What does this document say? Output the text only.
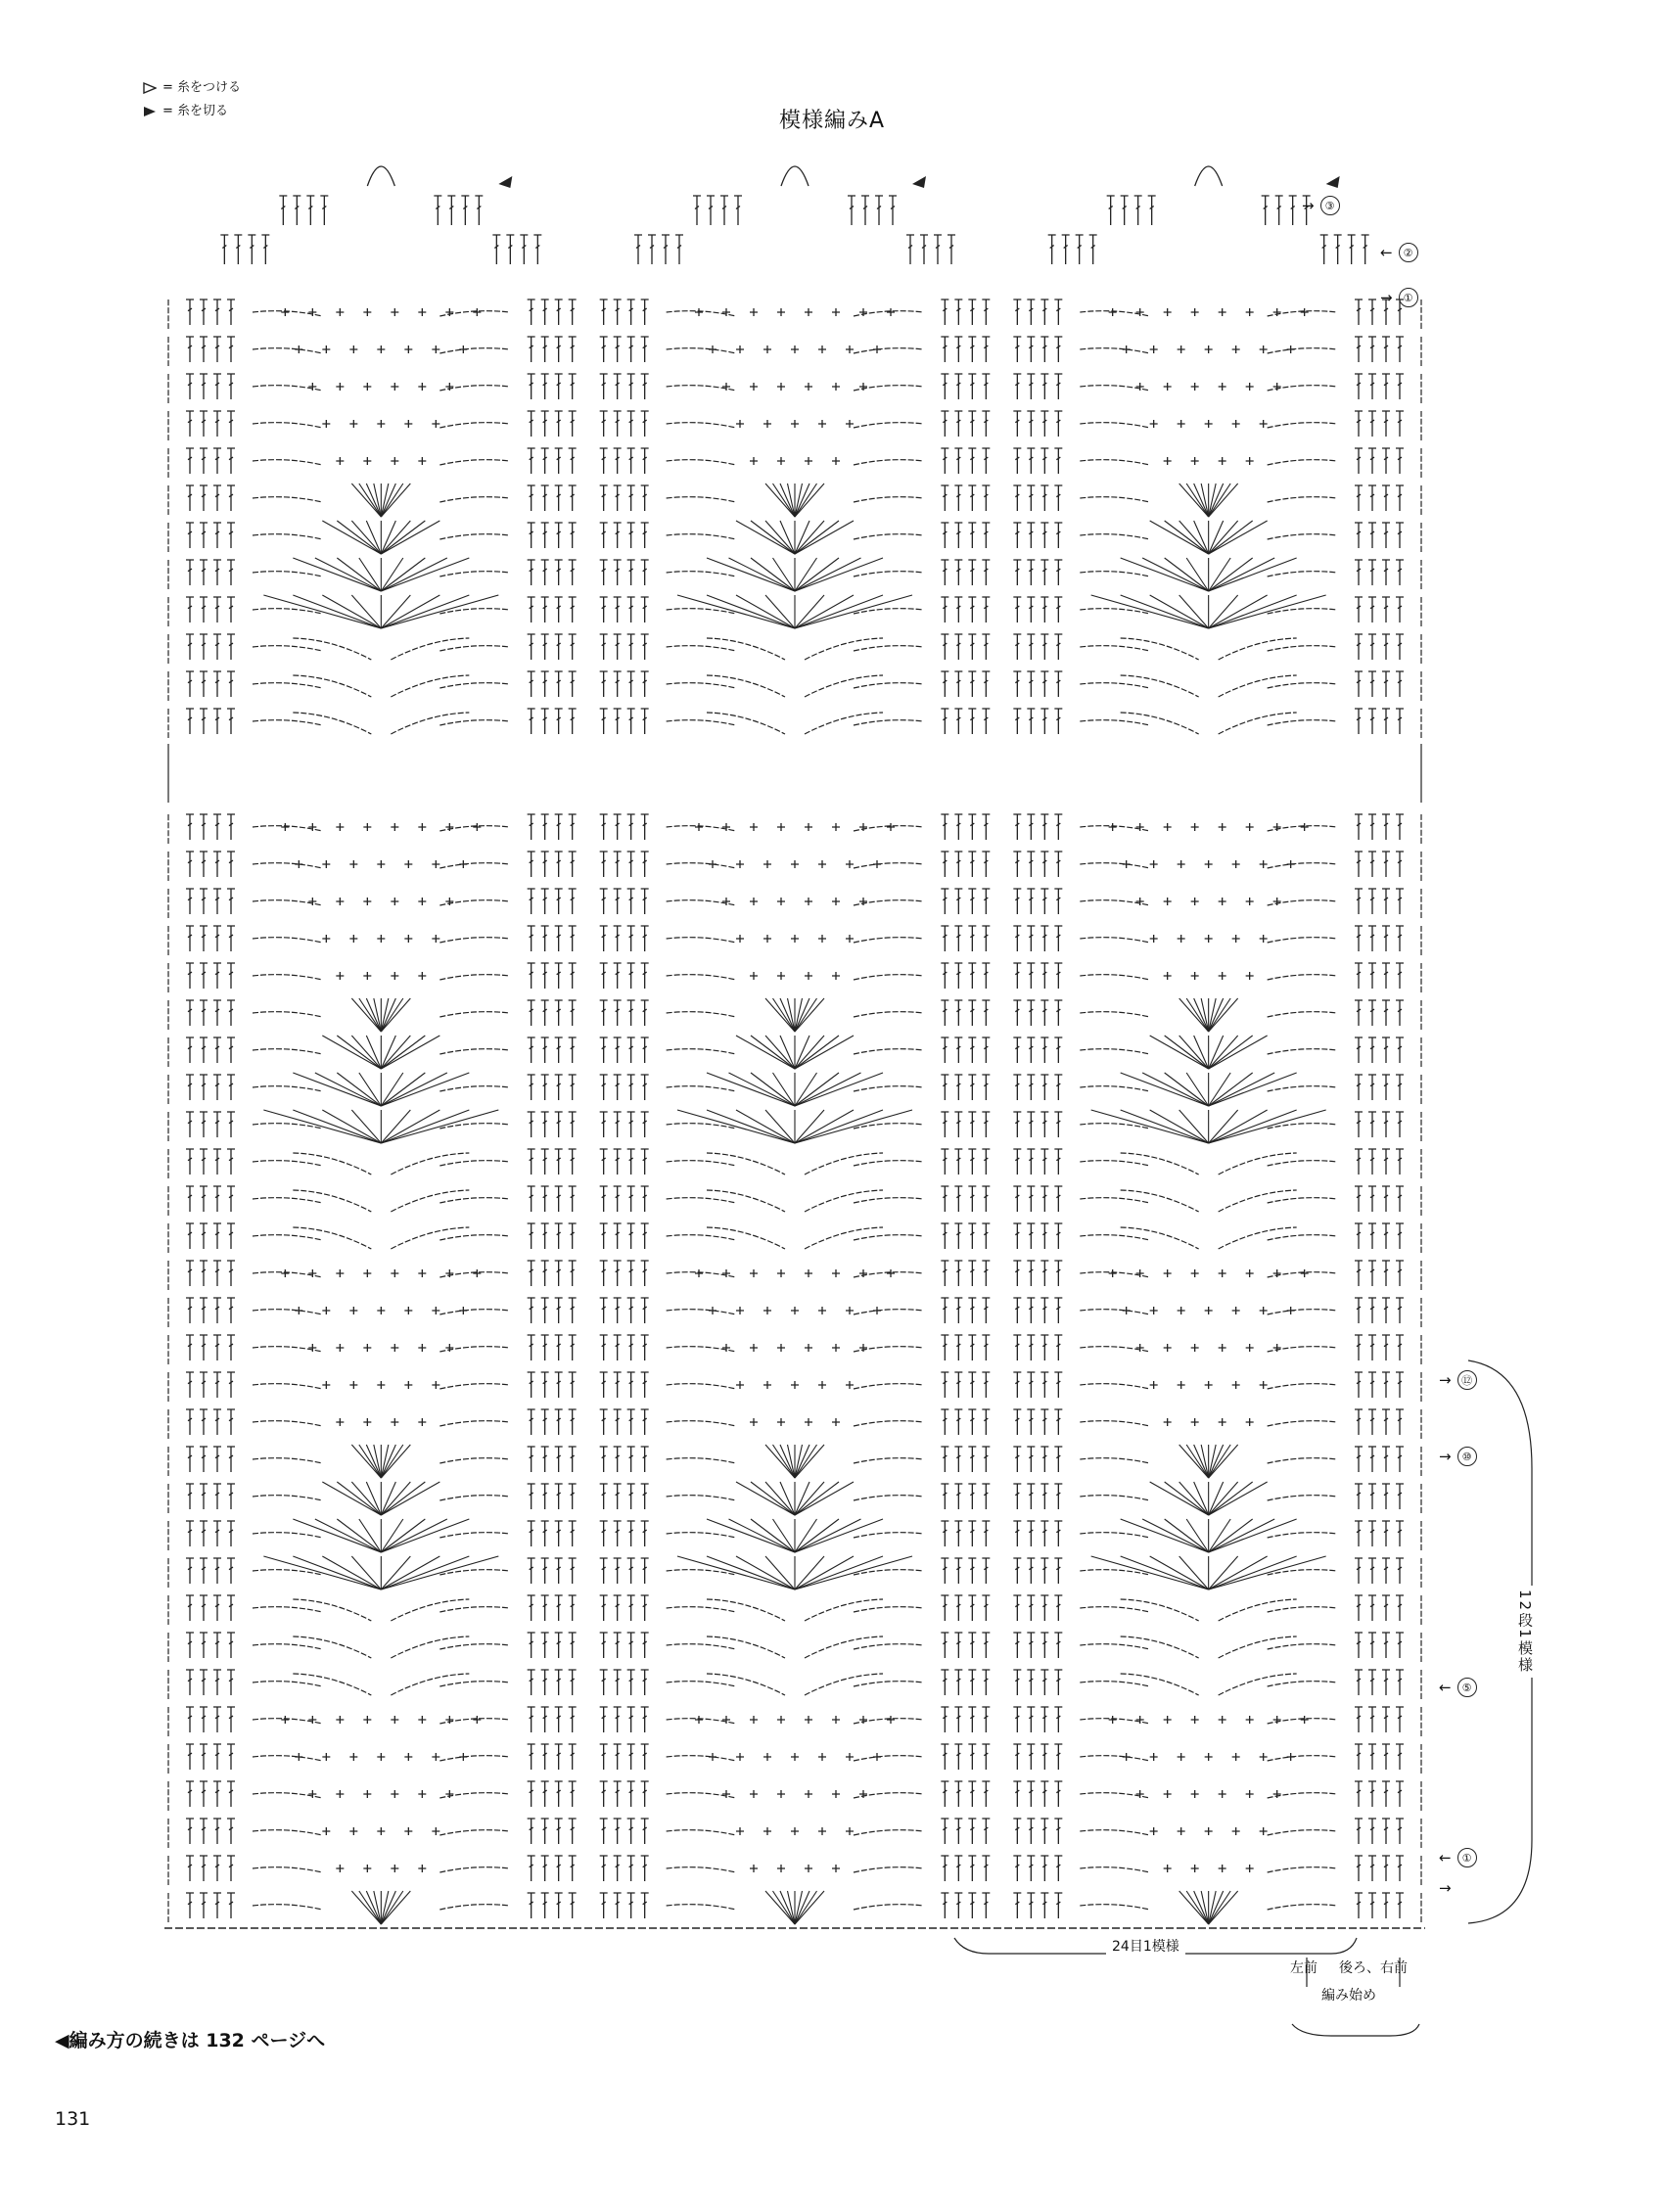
= 糸をつける
= 糸を切る	模様編みA
→	③
←	②
→	①
→ ⑫
→	⑩
←	⑤
←	①
→
12段1模様
24目1模様
左前 後ろ、右前
編み始め
◀編み方の続きは 132 ページへ
131
